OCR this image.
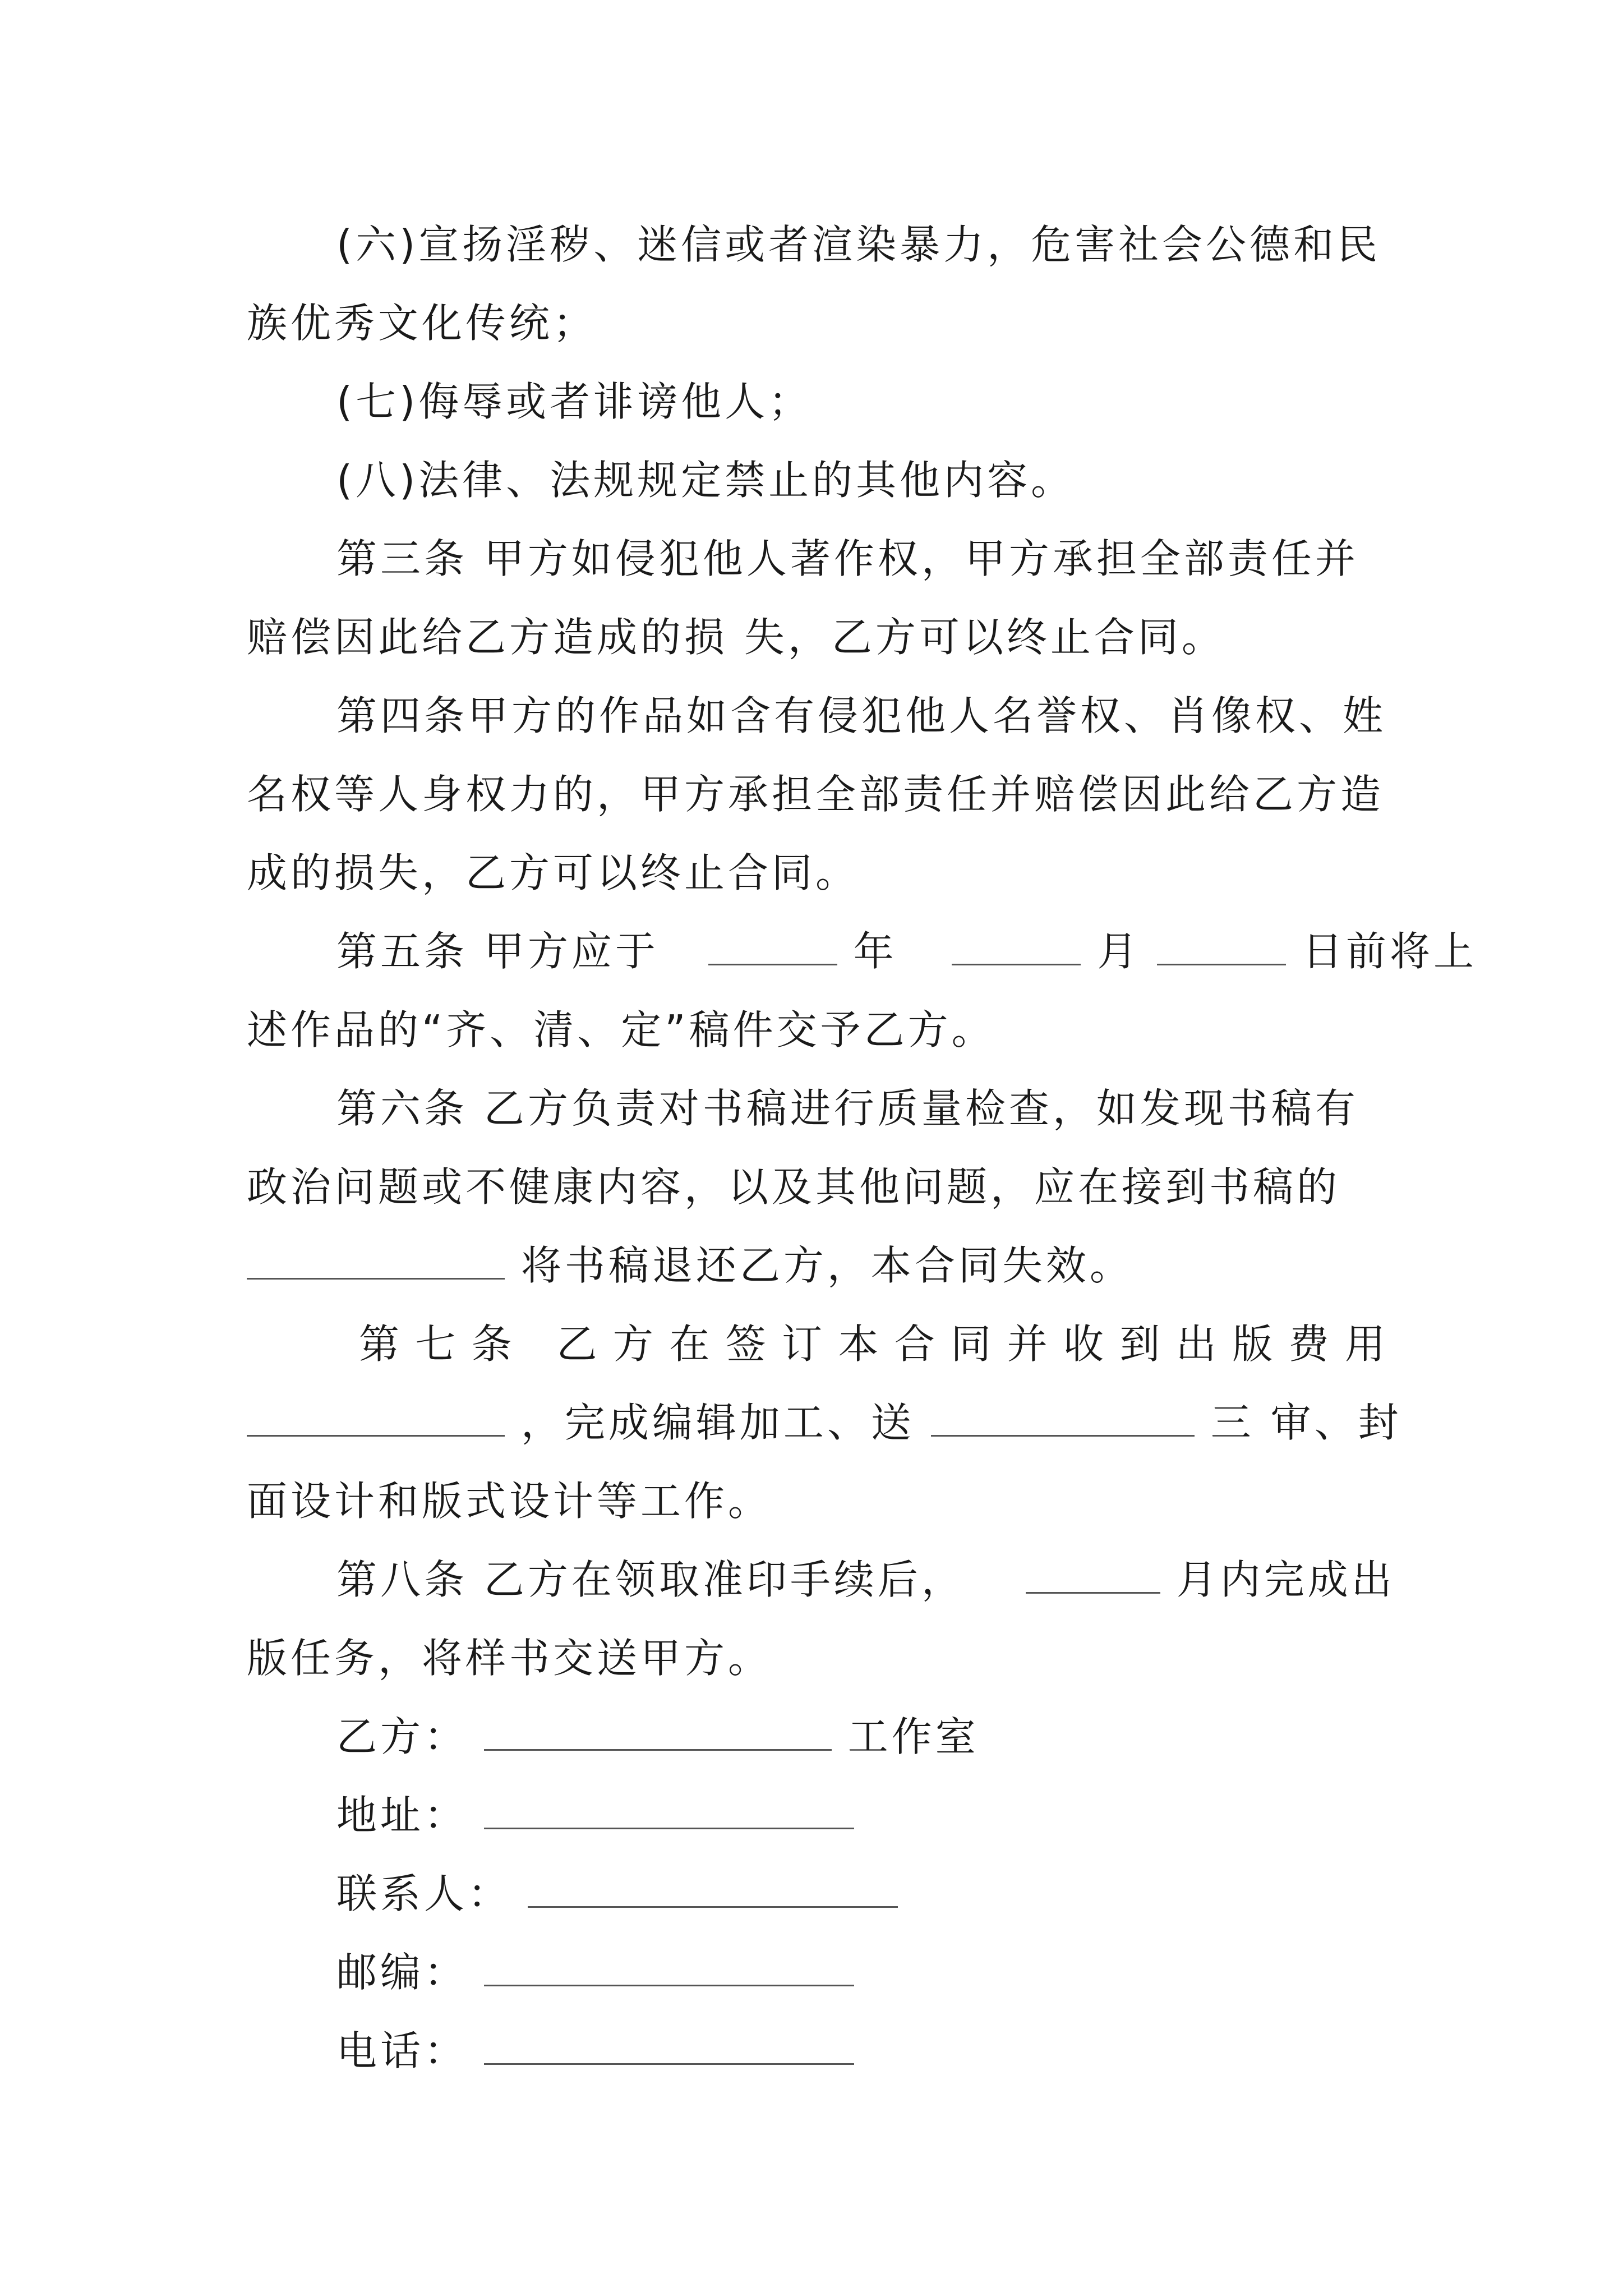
(六)宣扬淫秽、迷信或者渲染暴力，危害社会公德和民
族优秀文化传统；
(七)侮辱或者诽谤他人；
(八)法律、法规规定禁止的其他内容。
第三条 甲方如侵犯他人著作权，甲方承担全部责任并
赔偿因此给乙方造成的损 失，乙方可以终止合同。
第四条甲方的作品如含有侵犯他人名誉权、肖像权、姓
名权等人身权力的，甲方承担全部责任并赔偿因此给乙方造
成的损失，乙方可以终止合同。
第五条 甲方应于	年	月	日前将上
述作品的“齐、清、定”稿件交予乙方。
第六条 乙方负责对书稿进行质量检查，如发现书稿有
政治问题或不健康内容，以及其他问题，应在接到书稿的
将书稿退还乙方，本合同失效。
第七条 乙方在签订本合同并收到出版费用
，完成编辑加工、送	三 审、封
面设计和版式设计等工作。
第八条 乙方在领取准印手续后，	月内完成出
版任务，将样书交送甲方。
乙方：	工作室
地址：
联系人：
邮编：
电话：
